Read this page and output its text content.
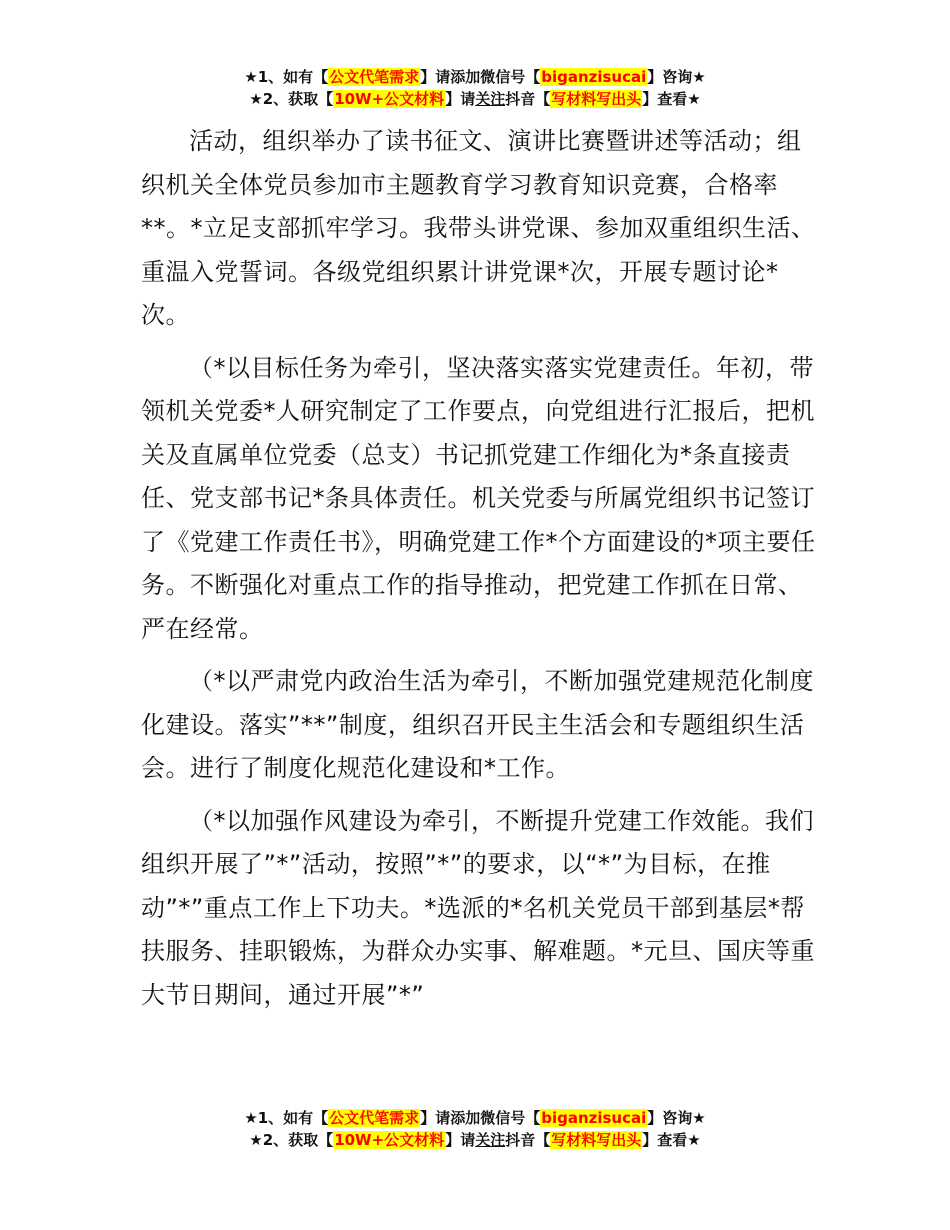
★1、如有【公文代笔需求】请添加微信号【biganzisucai】咨询★
★2、获取【10W+公文材料】请关注抖音【写材料写出头】查看★

活动，组织举办了读书征文、演讲比赛暨讲述等活动；组织机关全体党员参加市主题教育学习教育知识竞赛，合格率**。*立足支部抓牢学习。我带头讲党课、参加双重组织生活、重温入党誓词。各级党组织累计讲党课*次，开展专题讨论*次。

（*以目标任务为牵引，坚决落实落实党建责任。年初，带领机关党委*人研究制定了工作要点，向党组进行汇报后，把机关及直属单位党委（总支）书记抓党建工作细化为*条直接责任、党支部书记*条具体责任。机关党委与所属党组织书记签订了《党建工作责任书》，明确党建工作*个方面建设的*项主要任务。不断强化对重点工作的指导推动，把党建工作抓在日常、严在经常。

（*以严肃党内政治生活为牵引，不断加强党建规范化制度化建设。落实”**”制度，组织召开民主生活会和专题组织生活会。进行了制度化规范化建设和*工作。

（*以加强作风建设为牵引，不断提升党建工作效能。我们组织开展了”*”活动，按照”*”的要求，以“*”为目标，在推动”*”重点工作上下功夫。*选派的*名机关党员干部到基层*帮扶服务、挂职锻炼，为群众办实事、解难题。*元旦、国庆等重大节日期间，通过开展”*”

★1、如有【公文代笔需求】请添加微信号【biganzisucai】咨询★
★2、获取【10W+公文材料】请关注抖音【写材料写出头】查看★
